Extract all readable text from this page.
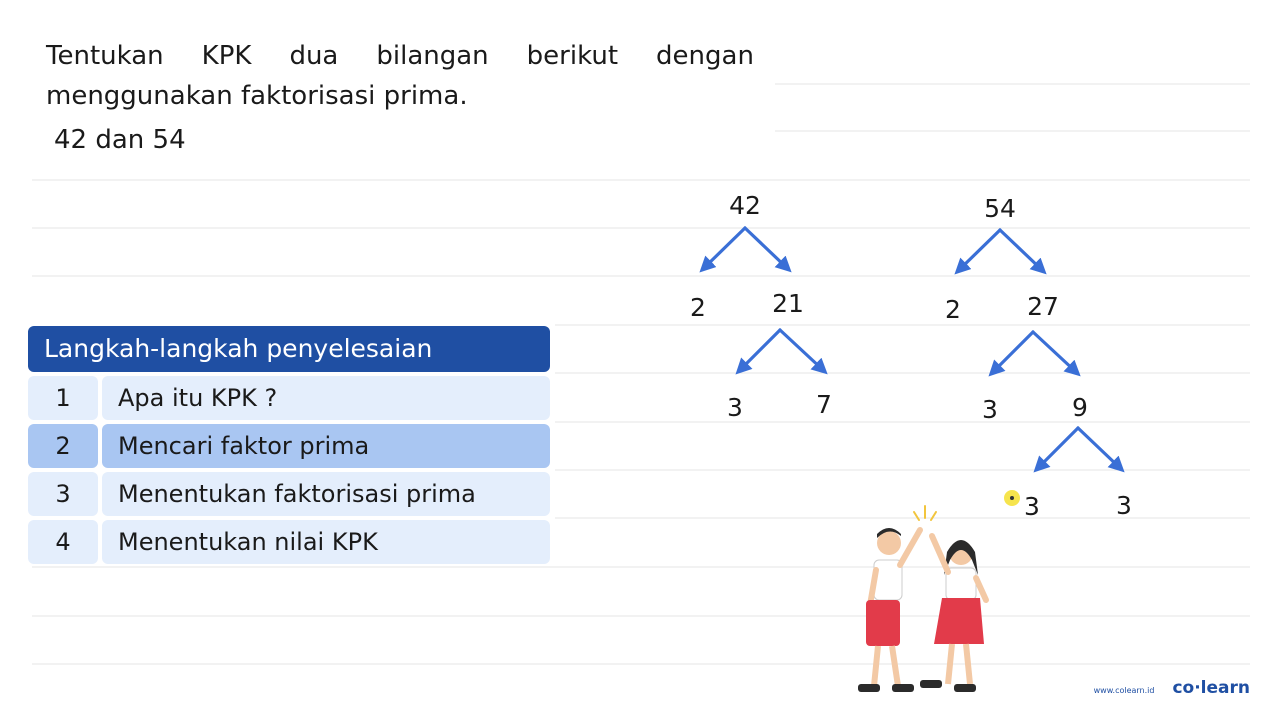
Tentukan KPK dua bilangan berikut dengan
menggunakan faktorisasi prima.
42 dan 54
Langkah-langkah penyelesaian
1	Apa itu KPK ?
2	Mencari faktor prima
3	Menentukan faktorisasi prima
4	Menentukan nilai KPK
42
2	21
3	7
54
2	27
3	9
3	3
www.colearn.id co·learn
